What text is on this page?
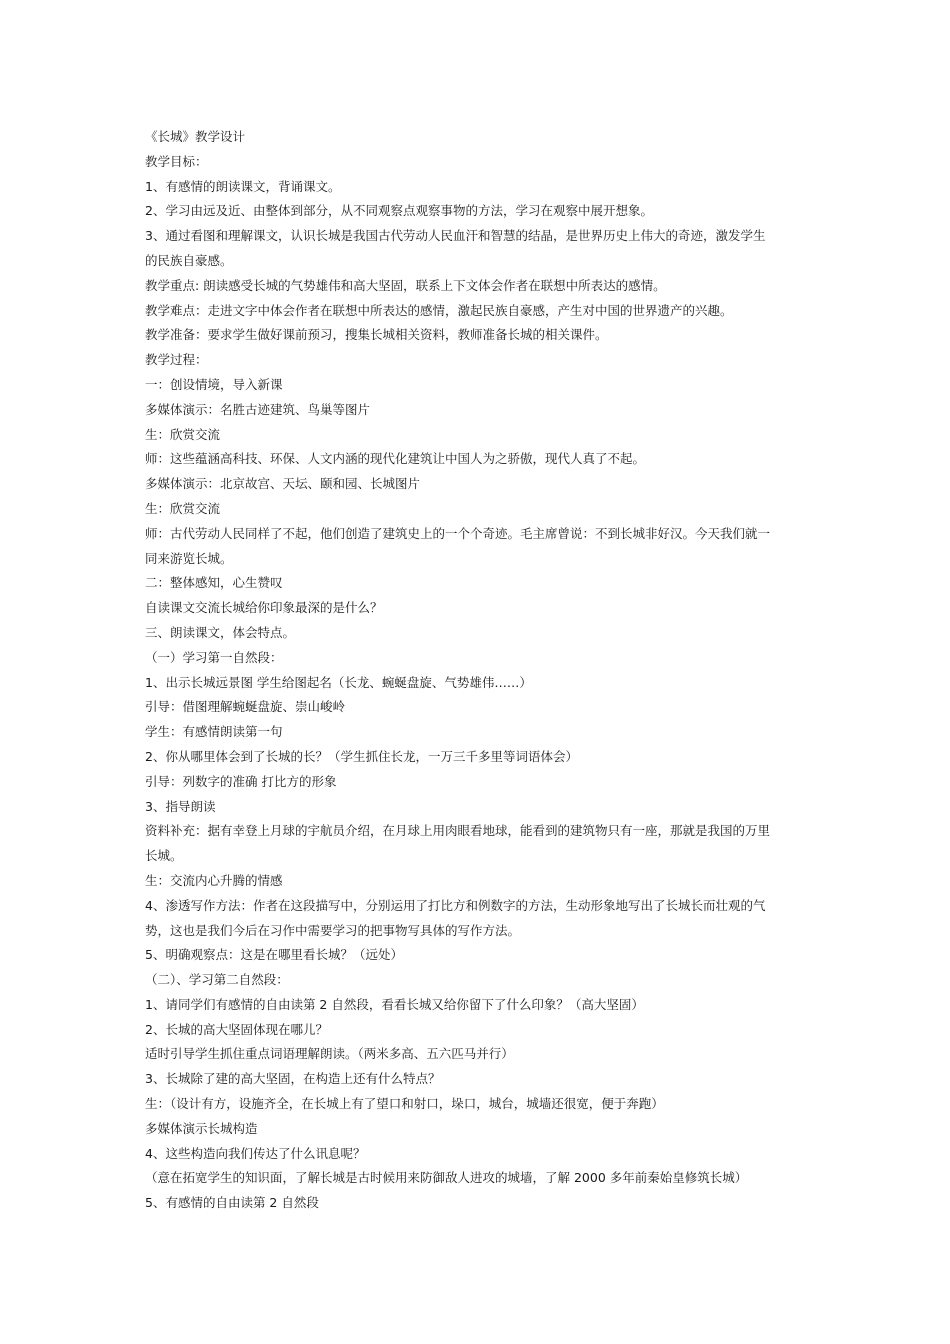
《长城》教学设计
教学目标：
1、有感情的朗读课文，背诵课文。
2、学习由远及近、由整体到部分，从不同观察点观察事物的方法，学习在观察中展开想象。
3、通过看图和理解课文，认识长城是我国古代劳动人民血汗和智慧的结晶，是世界历史上伟大的奇迹，激发学生
的民族自豪感。
教学重点: 朗读感受长城的气势雄伟和高大坚固，联系上下文体会作者在联想中所表达的感情。
教学难点：走进文字中体会作者在联想中所表达的感情，激起民族自豪感，产生对中国的世界遗产的兴趣。
教学准备：要求学生做好课前预习，搜集长城相关资料，教师准备长城的相关课件。
教学过程：
一：创设情境，导入新课
多媒体演示：名胜古迹建筑、鸟巢等图片
生：欣赏交流
师：这些蕴涵高科技、环保、人文内涵的现代化建筑让中国人为之骄傲，现代人真了不起。
多媒体演示：北京故宫、天坛、颐和园、长城图片
生：欣赏交流
师：古代劳动人民同样了不起，他们创造了建筑史上的一个个奇迹。毛主席曾说：不到长城非好汉。今天我们就一
同来游览长城。
二：整体感知，心生赞叹
自读课文交流长城给你印象最深的是什么？
三、朗读课文，体会特点。
（一）学习第一自然段：
1、出示长城远景图 学生给图起名（长龙、蜿蜒盘旋、气势雄伟……）
引导：借图理解蜿蜒盘旋、崇山峻岭
学生：有感情朗读第一句
2、你从哪里体会到了长城的长？（学生抓住长龙，一万三千多里等词语体会）
引导：列数字的准确 打比方的形象
3、指导朗读
资料补充：据有幸登上月球的宇航员介绍，在月球上用肉眼看地球，能看到的建筑物只有一座，那就是我国的万里
长城。
生：交流内心升腾的情感
4、渗透写作方法：作者在这段描写中，分别运用了打比方和例数字的方法，生动形象地写出了长城长而壮观的气
势，这也是我们今后在习作中需要学习的把事物写具体的写作方法。
5、明确观察点：这是在哪里看长城？（远处）
（二）、学习第二自然段：
1、请同学们有感情的自由读第 2 自然段，看看长城又给你留下了什么印象？（高大坚固）
2、长城的高大坚固体现在哪儿？
适时引导学生抓住重点词语理解朗读。（两米多高、五六匹马并行）
3、长城除了建的高大坚固，在构造上还有什么特点？
生：（设计有方，设施齐全，在长城上有了望口和射口，垛口，城台，城墙还很宽，便于奔跑）
多媒体演示长城构造
4、这些构造向我们传达了什么讯息呢？
（意在拓宽学生的知识面，了解长城是古时候用来防御敌人进攻的城墙，了解 2000 多年前秦始皇修筑长城）
5、有感情的自由读第 2 自然段
